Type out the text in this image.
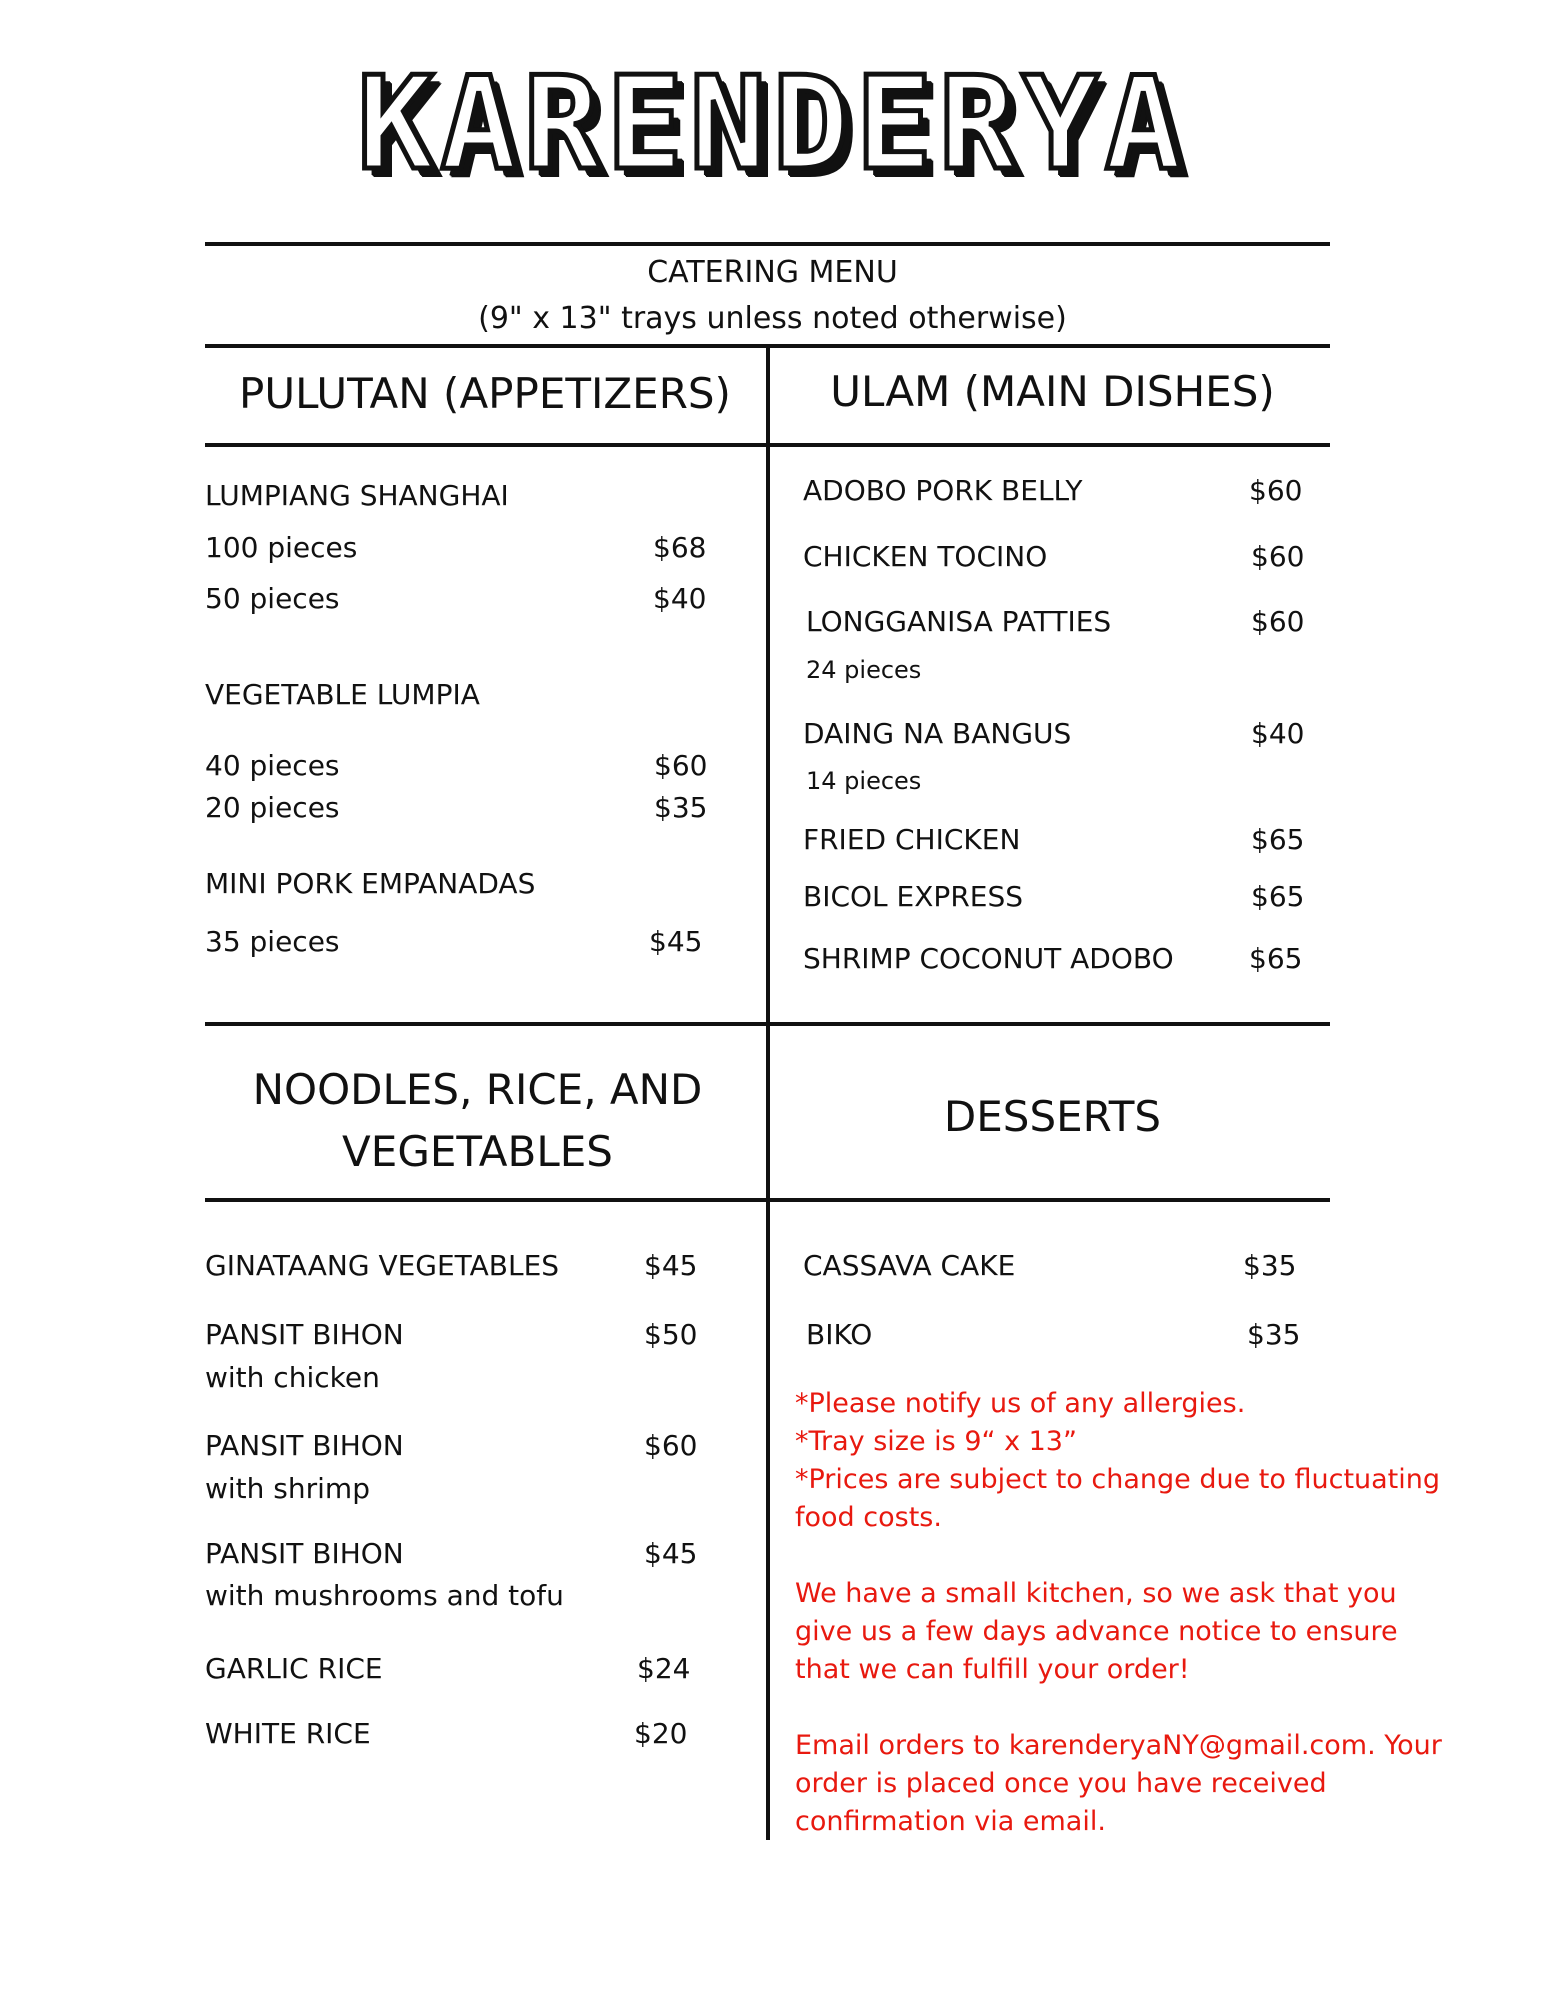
KARENDERYA
CATERING MENU
(9" x 13" trays unless noted otherwise)
PULUTAN (APPETIZERS)	ULAM (MAIN DISHES)
LUMPIANG SHANGHAI
100 pieces	$68
50 pieces	$40
VEGETABLE LUMPIA
40 pieces	$60
20 pieces	$35
MINI PORK EMPANADAS
35 pieces	$45
ADOBO PORK BELLY	$60
CHICKEN TOCINO	$60
LONGGANISA PATTIES	$60
24 pieces
DAING NA BANGUS	$40
14 pieces
FRIED CHICKEN	$65
BICOL EXPRESS	$65
SHRIMP COCONUT ADOBO	$65
NOODLES, RICE, AND
VEGETABLES
DESSERTS
GINATAANG VEGETABLES	$45
PANSIT BIHON	$50
with chicken
PANSIT BIHON	$60
with shrimp
PANSIT BIHON	$45
with mushrooms and tofu
GARLIC RICE	$24
WHITE RICE	$20
CASSAVA CAKE	$35
BIKO	$35

*Please notify us of any allergies.

*Tray size is 9“ x 13”

*Prices are subject to change due to fluctuating food costs.

We have a small kitchen, so we ask that you give us a few days advance notice to ensure that we can fulfill your order!

Email orders to karenderyaNY@gmail.com. Your order is placed once you have received confirmation via email.
